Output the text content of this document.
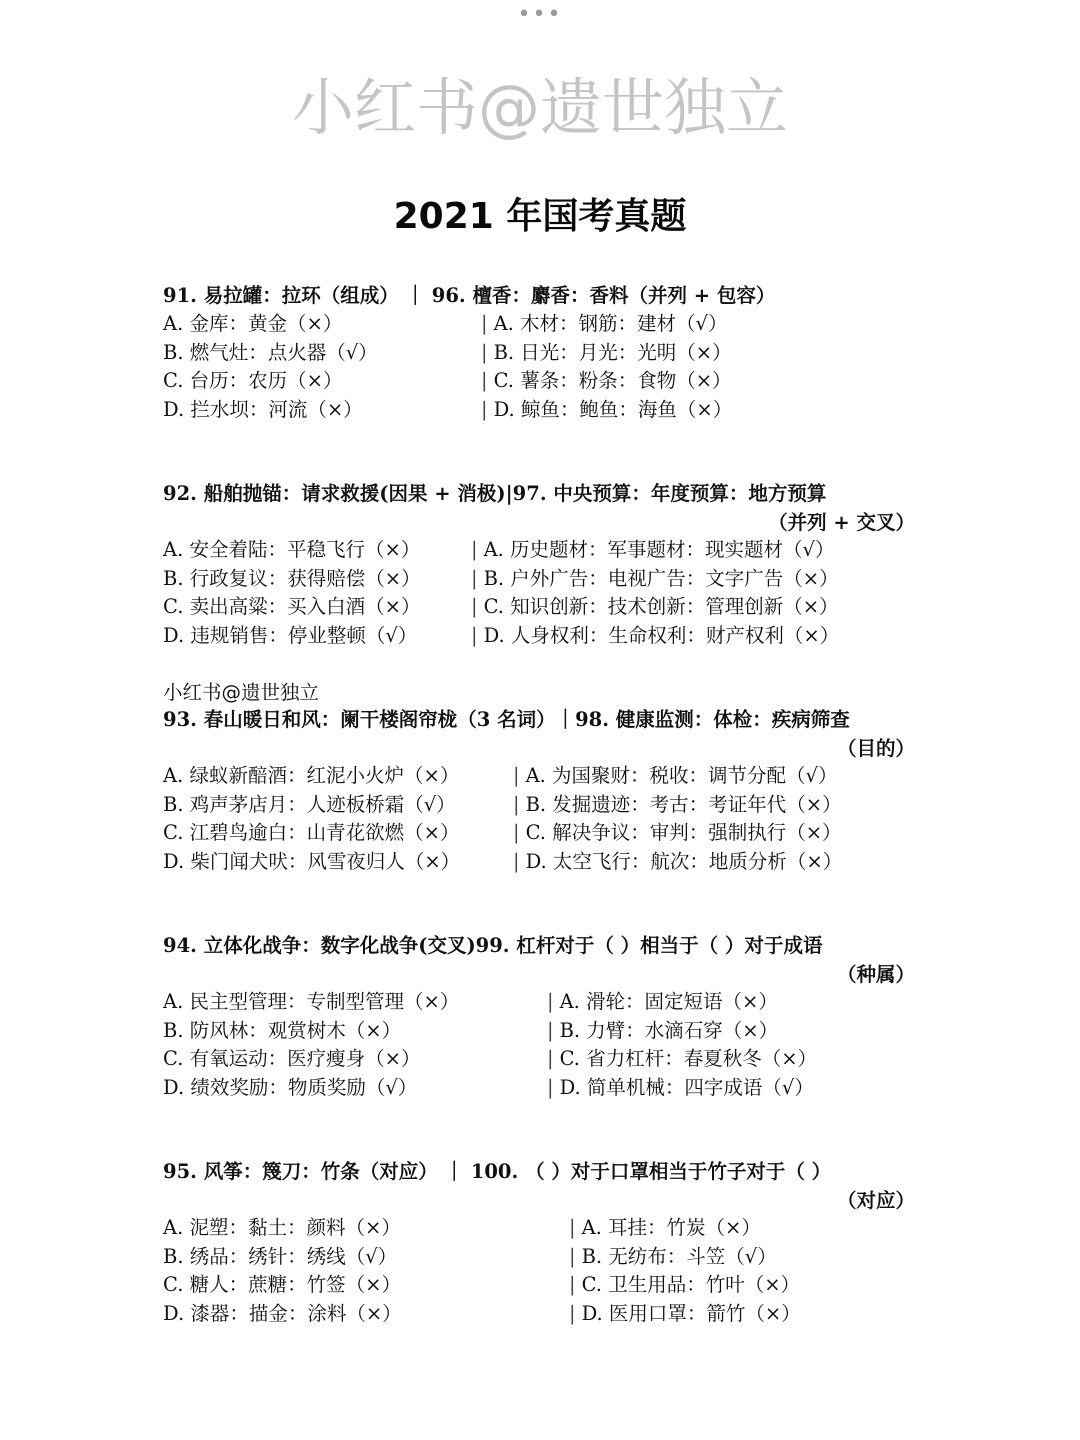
•••
小红书@遗世独立
2021 年国考真题
小红书@遗世独立
91. 易拉罐：拉环（组成） ｜ 96. 檀香：麝香：香料（并列 + 包容）
A. 金库：黄金（×）
B. 燃气灶：点火器（√）
C. 台历：农历（×）
D. 拦水坝：河流（×）
| A. 木材：钢筋：建材（√）
| B. 日光：月光：光明（×）
| C. 薯条：粉条：食物（×）
| D. 鲸鱼：鲍鱼：海鱼（×）
92. 船舶抛锚：请求救援(因果 + 消极)|97. 中央预算：年度预算：地方预算
（并列 + 交叉）
A. 安全着陆：平稳飞行（×）
B. 行政复议：获得赔偿（×）
C. 卖出高粱：买入白酒（×）
D. 违规销售：停业整顿（√）
| A. 历史题材：军事题材：现实题材（√）
| B. 户外广告：电视广告：文字广告（×）
| C. 知识创新：技术创新：管理创新（×）
| D. 人身权利：生命权利：财产权利（×）
93. 春山暖日和风：阑干楼阁帘栊（3 名词）｜98. 健康监测：体检：疾病筛查
（目的）
A. 绿蚁新醅酒：红泥小火炉（×）
B. 鸡声茅店月：人迹板桥霜（√）
C. 江碧鸟逾白：山青花欲燃（×）
D. 柴门闻犬吠：风雪夜归人（×）
| A. 为国聚财：税收：调节分配（√）
| B. 发掘遗迹：考古：考证年代（×）
| C. 解决争议：审判：强制执行（×）
| D. 太空飞行：航次：地质分析（×）
94. 立体化战争：数字化战争(交叉)99. 杠杆对于（ ）相当于（ ）对于成语
（种属）
A. 民主型管理：专制型管理（×）
B. 防风林：观赏树木（×）
C. 有氧运动：医疗瘦身（×）
D. 绩效奖励：物质奖励（√）
| A. 滑轮：固定短语（×）
| B. 力臂：水滴石穿（×）
| C. 省力杠杆：春夏秋冬（×）
| D. 简单机械：四字成语（√）
95. 风筝：篾刀：竹条（对应） ｜ 100. （ ）对于口罩相当于竹子对于（ ）
（对应）
A. 泥塑：黏土：颜料（×）
B. 绣品：绣针：绣线（√）
C. 糖人：蔗糖：竹签（×）
D. 漆器：描金：涂料（×）
| A. 耳挂：竹炭（×）
| B. 无纺布：斗笠（√）
| C. 卫生用品：竹叶（×）
| D. 医用口罩：箭竹（×）
